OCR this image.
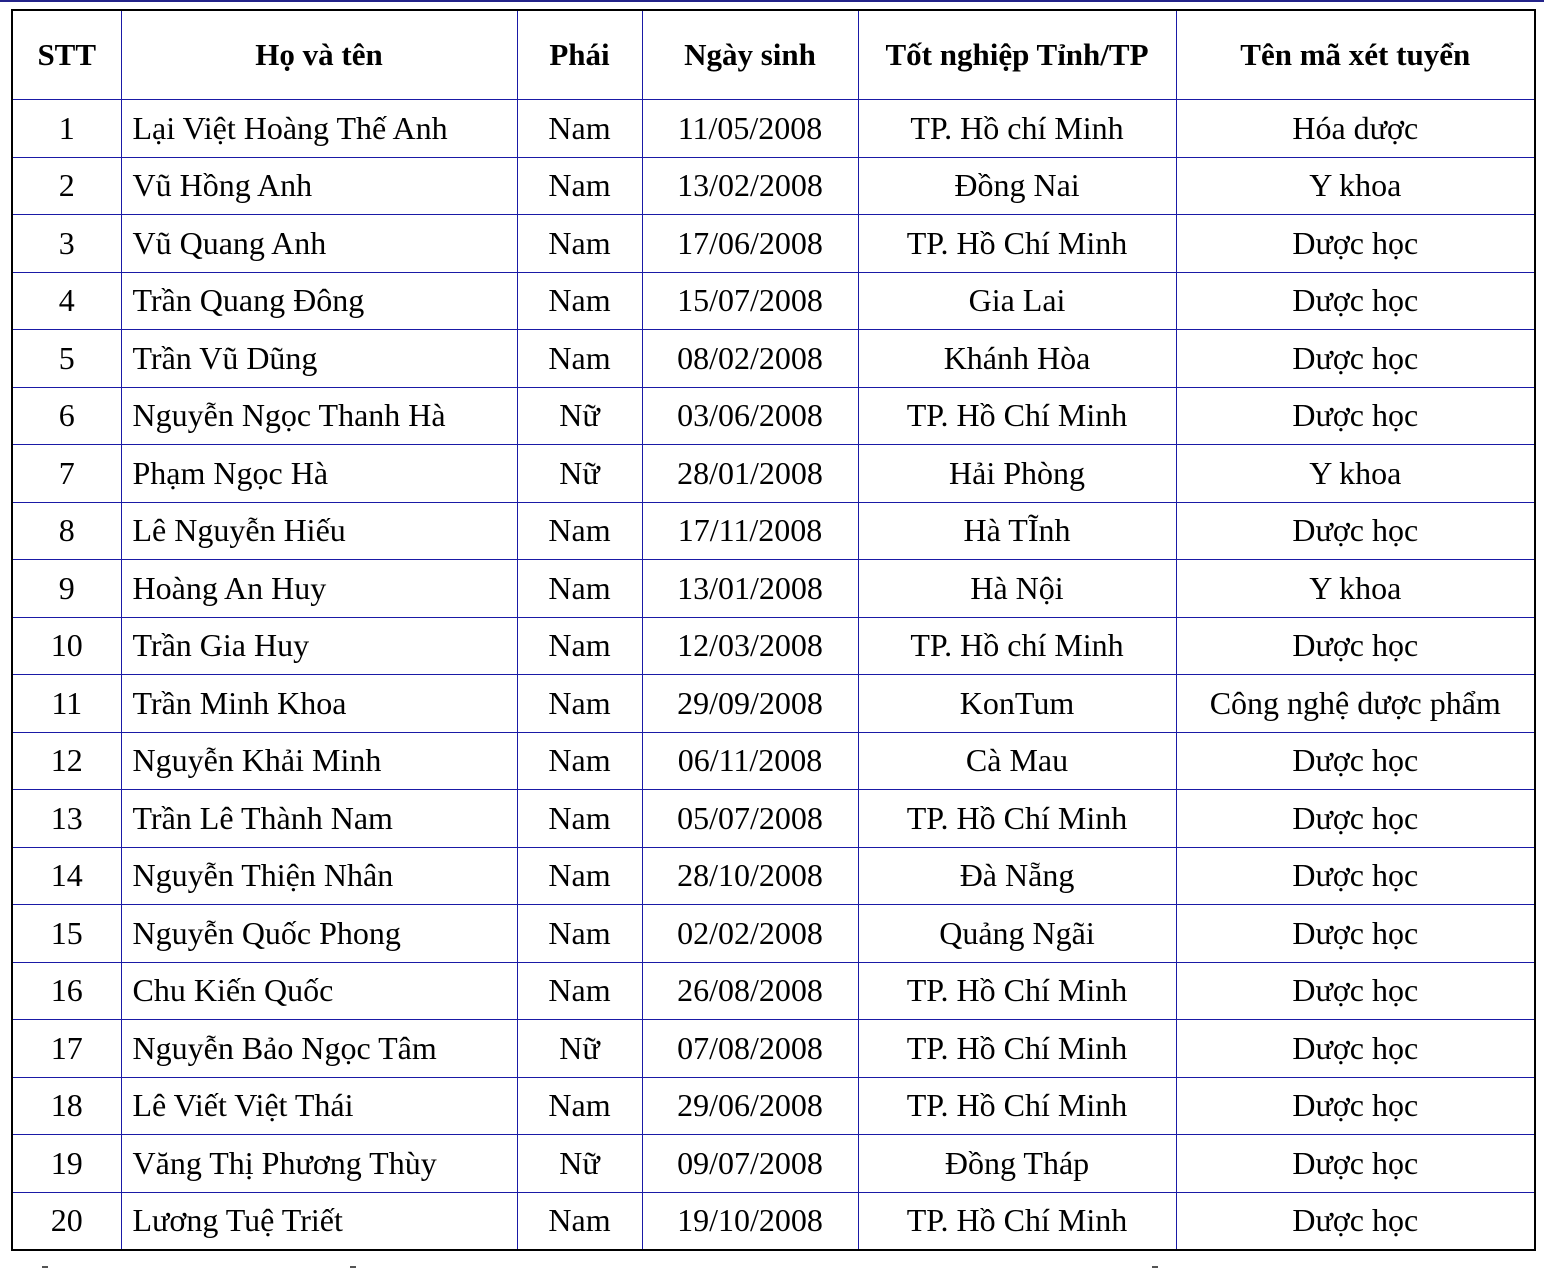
STT	Họ và tên	Phái	Ngày sinh	Tốt nghiệp Tỉnh/TP	Tên mã xét tuyển
1	Lại Việt Hoàng Thế Anh	Nam	11/05/2008	TP. Hồ chí Minh	Hóa dược
2	Vũ Hồng Anh	Nam	13/02/2008	Đồng Nai	Y khoa
3	Vũ Quang Anh	Nam	17/06/2008	TP. Hồ Chí Minh	Dược học
4	Trần Quang Đông	Nam	15/07/2008	Gia Lai	Dược học
5	Trần Vũ Dũng	Nam	08/02/2008	Khánh Hòa	Dược học
6	Nguyễn Ngọc Thanh Hà	Nữ	03/06/2008	TP. Hồ Chí Minh	Dược học
7	Phạm Ngọc Hà	Nữ	28/01/2008	Hải Phòng	Y khoa
8	Lê Nguyễn Hiếu	Nam	17/11/2008	Hà TĨnh	Dược học
9	Hoàng An Huy	Nam	13/01/2008	Hà Nội	Y khoa
10	Trần Gia Huy	Nam	12/03/2008	TP. Hồ chí Minh	Dược học
11	Trần Minh Khoa	Nam	29/09/2008	KonTum	Công nghệ dược phẩm
12	Nguyễn Khải Minh	Nam	06/11/2008	Cà Mau	Dược học
13	Trần Lê Thành Nam	Nam	05/07/2008	TP. Hồ Chí Minh	Dược học
14	Nguyễn Thiện Nhân	Nam	28/10/2008	Đà Nẵng	Dược học
15	Nguyễn Quốc Phong	Nam	02/02/2008	Quảng Ngãi	Dược học
16	Chu Kiến Quốc	Nam	26/08/2008	TP. Hồ Chí Minh	Dược học
17	Nguyễn Bảo Ngọc Tâm	Nữ	07/08/2008	TP. Hồ Chí Minh	Dược học
18	Lê Viết Việt Thái	Nam	29/06/2008	TP. Hồ Chí Minh	Dược học
19	Văng Thị Phương Thùy	Nữ	09/07/2008	Đồng Tháp	Dược học
20	Lương Tuệ Triết	Nam	19/10/2008	TP. Hồ Chí Minh	Dược học
